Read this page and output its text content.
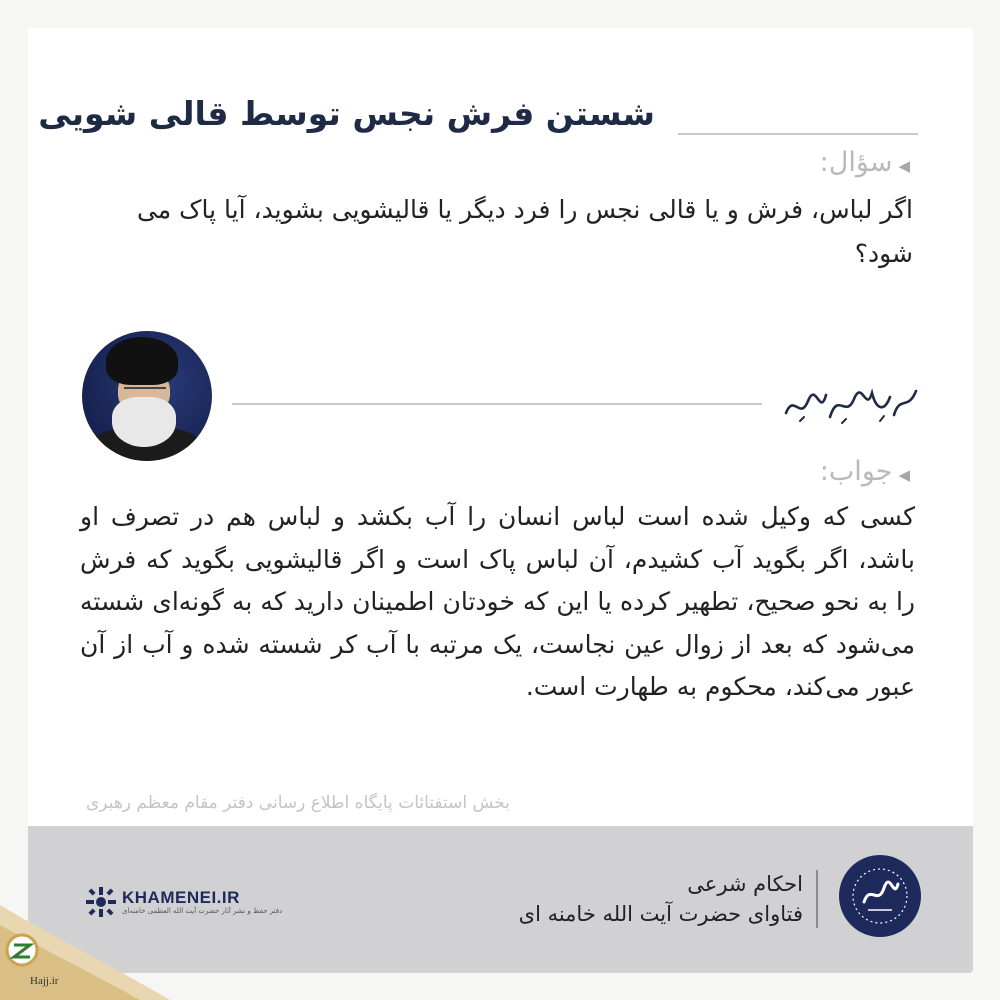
شستن فرش نجس توسط قالی شویی
◀سؤال:
اگر لباس، فرش و یا قالی نجس را فرد دیگر یا قالیشویی بشوید، آیا پاک می شود؟
◀جواب:
کسی که وکیل شده است لباس انسان را آب بکشد و لباس هم در تصرف او باشد، اگر بگوید آب کشیدم، آن لباس پاک است و اگر قالیشویی بگوید که فرش را به نحو صحیح، تطهیر کرده یا این که خودتان اطمینان دارید که به گونه‌ای شسته می‌شود که بعد از زوال عین نجاست، یک مرتبه با آب کر شسته شده و آب از آن عبور می‌کند، محکوم به طهارت است.
بخش استفتائات پایگاه اطلاع رسانی دفتر مقام معظم رهبری
احکام شرعی
فتاوای حضرت آیت الله خامنه ای
KHAMENEI.IR
دفتر حفظ و نشر آثار حضرت آیت الله العظمی خامنه‌ای
Hajj.ir
